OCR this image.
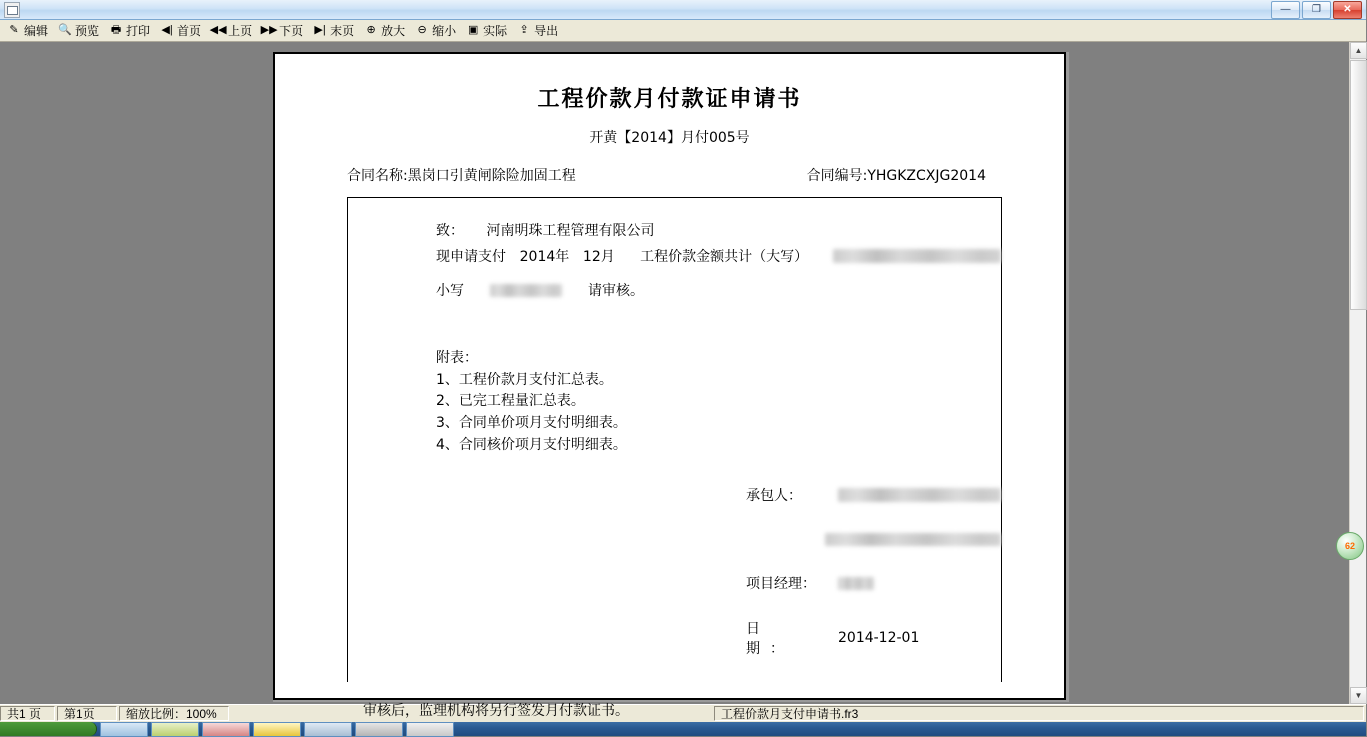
—	❐	✕
✎ 编辑 🔍 预览 🖶 打印 ◀| 首页 ◀◀ 上页 ▶▶ 下页 ▶| 末页 ⊕ 放大 ⊖ 缩小 ▣ 实际 ⇪ 导出
工程价款月付款证申请书
开黄【2014】月付005号
合同名称:黑岗口引黄闸除险加固工程	合同编号:YHGKZCXJG2014
致： 河南明珠工程管理有限公司
现申请支付 2014年 12月 工程价款金额共计（大写）
小写	请审核。
附表：
1、工程价款月支付汇总表。
2、已完工程量汇总表。
3、合同单价项月支付明细表。
4、合同核价项月支付明细表。
承包人：
项目经理：
日　　期：
2014-12-01
审核后，监理机构将另行签发月付款证书。
▲
▼
62
共1 页	第1页	缩放比例：100%	工程价款月支付申请书.fr3
